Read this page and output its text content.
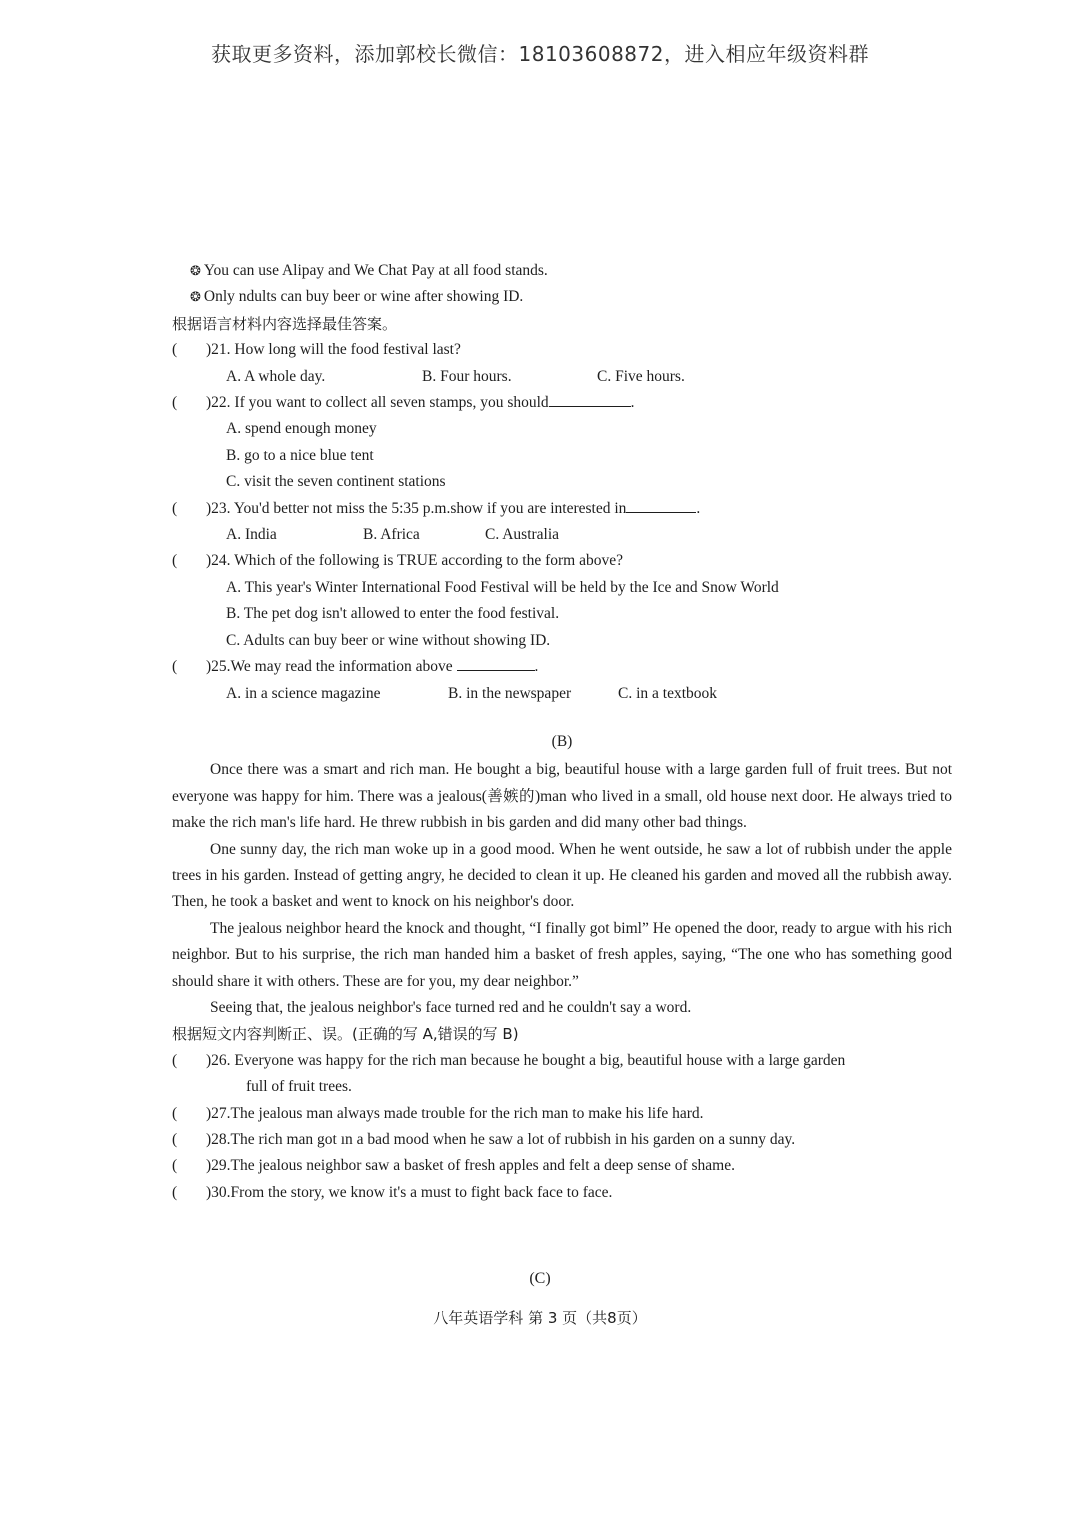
获取更多资料，添加郭校长微信：18103608872，进入相应年级资料群
❂ You can use Alipay and We Chat Pay at all food stands.
❂ Only ndults can buy beer or wine after showing ID.
根据语言材料内容选择最佳答案。
( )21. How long will the food festival last?
A. A whole day.	B. Four hours.	C. Five hours.
( )22. If you want to collect all seven stamps, you should	.
A. spend enough money
B. go to a nice blue tent
C. visit the seven continent stations
( )23. You'd better not miss the 5:35 p.m.show if you are interested in	.
A. India	B. Africa	C. Australia
( )24. Which of the following is TRUE according to the form above?
A. This year's Winter International Food Festival will be held by the Ice and Snow World
B. The pet dog isn't allowed to enter the food festival.
C. Adults can buy beer or wine without showing ID.
( )25.We may read the information above	.
A. in a science magazine	B. in the newspaper	C. in a textbook
(B)
Once there was a smart and rich man. He bought a big, beautiful house with a large garden full of fruit trees. But not everyone was happy for him. There was a jealous(善嫉的)man who lived in a small, old house next door. He always tried to make the rich man's life hard. He threw rubbish in bis garden and did many other bad things.
One sunny day, the rich man woke up in a good mood. When he went outside, he saw a lot of rubbish under the apple trees in his garden. Instead of getting angry, he decided to clean it up. He cleaned his garden and moved all the rubbish away. Then, he took a basket and went to knock on his neighbor's door.
The jealous neighbor heard the knock and thought, “I finally got biml” He opened the door, ready to argue with his rich neighbor. But to his surprise, the rich man handed him a basket of fresh apples, saying, “The one who has something good should share it with others. These are for you, my dear neighbor.”
Seeing that, the jealous neighbor's face turned red and he couldn't say a word.
根据短文内容判断正、误。(正确的写 A,错误的写 B)
( )26. Everyone was happy for the rich man because he bought a big, beautiful house with a large garden
full of fruit trees.
( )27.The jealous man always made trouble for the rich man to make his life hard.
( )28.The rich man got ın a bad mood when he saw a lot of rubbish in his garden on a sunny day.
( )29.The jealous neighbor saw a basket of fresh apples and felt a deep sense of shame.
( )30.From the story, we know it's a must to fight back face to face.
(C)
八年英语学科 第 3 页（共8页）
